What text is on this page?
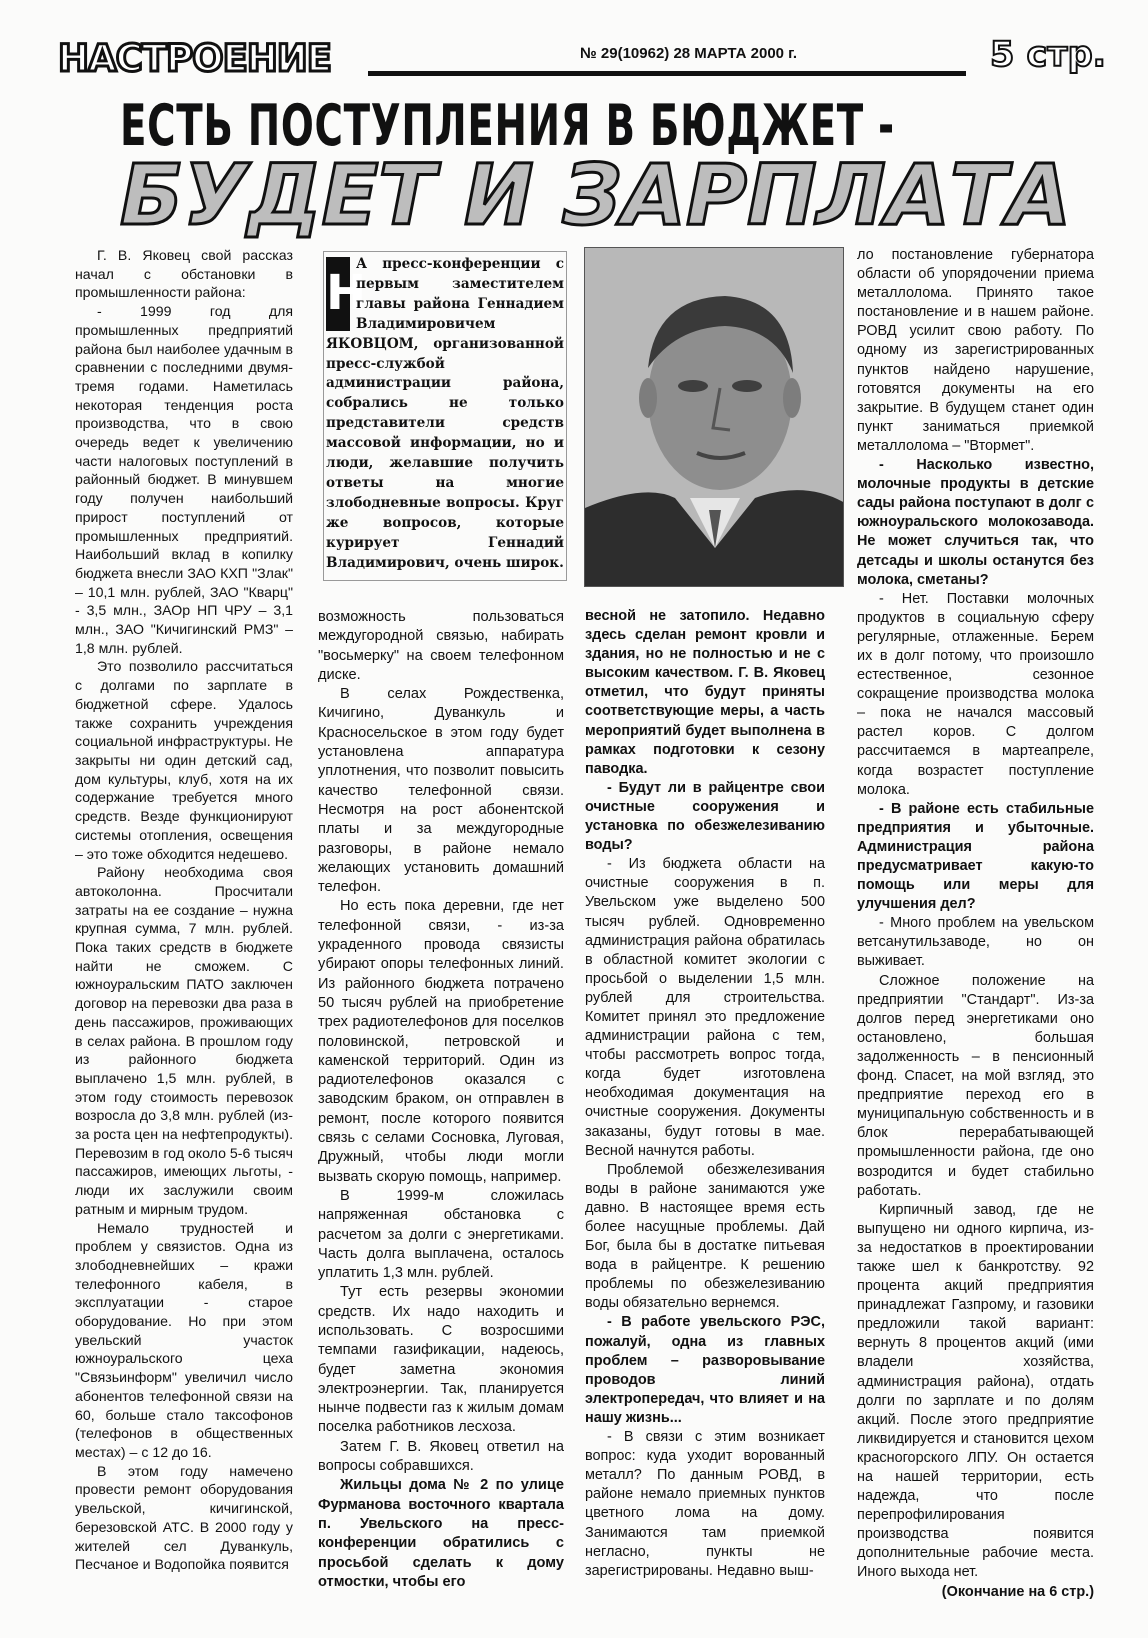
НАСТРОЕНИЕ	№ 29(10962) 28 МАРТА 2000 г.	5 стр.
ЕСТЬ ПОСТУПЛЕНИЯ В БЮДЖЕТ -
БУДЕТ И ЗАРПЛАТА
Н
А пресс-конференции с первым заместителем главы района Геннадием Владимировичем ЯКОВЦОМ, организованной пресс-службой администрации района, собрались не только представители средств массовой информации, но и люди, желавшие получить ответы на многие злободневные вопросы. Круг же вопросов, которые курирует Геннадий Владимирович, очень широк.

Г. В. Яковец свой рассказ начал с обстановки в промышленности района:

- 1999 год для промышленных предприятий района был наиболее удачным в сравнении с последними двумя-тремя годами. Наметилась некоторая тенденция роста производства, что в свою очередь ведет к увеличению части налоговых поступлений в районный бюджет. В минувшем году получен наибольший прирост поступлений от промышленных предприятий. Наибольший вклад в копилку бюджета внесли ЗАО КХП "Злак" – 10,1 млн. рублей, ЗАО "Кварц" - 3,5 млн., ЗАОр НП ЧРУ – 3,1 млн., ЗАО "Кичигинский РМЗ" – 1,8 млн. рублей.

Это позволило рассчитаться с долгами по зарплате в бюджетной сфере. Удалось также сохранить учреждения социальной инфраструктуры. Не закрыты ни один детский сад, дом культуры, клуб, хотя на их содержание требуется много средств. Везде функционируют системы отопления, освещения – это тоже обходится недешево.

Району необходима своя автоколонна. Просчитали затраты на ее создание – нужна крупная сумма, 7 млн. рублей. Пока таких средств в бюджете найти не сможем. С южноуральским ПАТО заключен договор на перевозки два раза в день пассажиров, проживающих в селах района. В прошлом году из районного бюджета выплачено 1,5 млн. рублей, в этом году стоимость перевозок возросла до 3,8 млн. рублей (из-за роста цен на нефтепродукты). Перевозим в год около 5-6 тысяч пассажиров, имеющих льготы, - люди их заслужили своим ратным и мирным трудом.

Немало трудностей и проблем у связистов. Одна из злободневнейших – кражи телефонного кабеля, в эксплуатации - старое оборудование. Но при этом увельский участок южноуральского цеха "Связьинформ" увеличил число абонентов телефонной связи на 60, больше стало таксофонов (телефонов в общественных местах) – с 12 до 16.

В этом году намечено провести ремонт оборудования увельской, кичигинской, березовской АТС. В 2000 году у жителей сел Дуванкуль, Песчаное и Водопойка появится

возможность пользоваться междугородной связью, набирать "восьмерку" на своем телефонном диске.

В селах Рождественка, Кичигино, Дуванкуль и Красносельское в этом году будет установлена аппаратура уплотнения, что позволит повысить качество телефонной связи. Несмотря на рост абонентской платы и за междугородные разговоры, в районе немало желающих установить домашний телефон.

Но есть пока деревни, где нет телефонной связи, - из-за украденного провода связисты убирают опоры телефонных линий. Из районного бюджета потрачено 50 тысяч рублей на приобретение трех радиотелефонов для поселков половинской, петровской и каменской территорий. Один из радиотелефонов оказался с заводским браком, он отправлен в ремонт, после которого появится связь с селами Сосновка, Луговая, Дружный, чтобы люди могли вызвать скорую помощь, например.

В 1999-м сложилась напряженная обстановка с расчетом за долги с энергетиками. Часть долга выплачена, осталось уплатить 1,3 млн. рублей.

Тут есть резервы экономии средств. Их надо находить и использовать. С возросшими темпами газификации, надеюсь, будет заметна экономия электроэнергии. Так, планируется нынче подвести газ к жилым домам поселка работников лесхоза.

Затем Г. В. Яковец ответил на вопросы собравшихся.

Жильцы дома № 2 по улице Фурманова восточного квартала п. Увельского на пресс-конференции обратились с просьбой сделать к дому отмостки, чтобы его

весной не затопило. Недавно здесь сделан ремонт кровли и здания, но не полностью и не с высоким качеством. Г. В. Яковец отметил, что будут приняты соответствующие меры, а часть мероприятий будет выполнена в рамках подготовки к сезону паводка.

- Будут ли в райцентре свои очистные сооружения и установка по обезжелезиванию воды?

- Из бюджета области на очистные сооружения в п. Увельском уже выделено 500 тысяч рублей. Одновременно администрация района обратилась в областной комитет экологии с просьбой о выделении 1,5 млн. рублей для строительства. Комитет принял это предложение администрации района с тем, чтобы рассмотреть вопрос тогда, когда будет изготовлена необходимая документация на очистные сооружения. Документы заказаны, будут готовы в мае. Весной начнутся работы.

Проблемой обезжелезивания воды в районе занимаются уже давно. В настоящее время есть более насущные проблемы. Дай Бог, была бы в достатке питьевая вода в райцентре. К решению проблемы по обезжелезиванию воды обязательно вернемся.

- В работе увельского РЭС, пожалуй, одна из главных проблем – разворовывание проводов линий электропередач, что влияет и на нашу жизнь...

- В связи с этим возникает вопрос: куда уходит ворованный металл? По данным РОВД, в районе немало приемных пунктов цветного лома на дому. Занимаются там приемкой негласно, пункты не зарегистрированы. Недавно выш-

ло постановление губернатора области об упорядочении приема металлолома. Принято такое постановление и в нашем районе. РОВД усилит свою работу. По одному из зарегистрированных пунктов найдено нарушение, готовятся документы на его закрытие. В будущем станет один пункт заниматься приемкой металлолома – "Втормет".

- Насколько известно, молочные продукты в детские сады района поступают в долг с южноуральского молокозавода. Не может случиться так, что детсады и школы останутся без молока, сметаны?

- Нет. Поставки молочных продуктов в социальную сферу регулярные, отлаженные. Берем их в долг потому, что произошло естественное, сезонное сокращение производства молока – пока не начался массовый растел коров. С долгом рассчитаемся в мартеапреле, когда возрастет поступление молока.

- В районе есть стабильные предприятия и убыточные. Администрация района предусматривает какую-то помощь или меры для улучшения дел?

- Много проблем на увельском ветсанутильзаводе, но он выживает.

Сложное положение на предприятии "Стандарт". Из-за долгов перед энергетиками оно остановлено, большая задолженность – в пенсионный фонд. Спасет, на мой взгляд, это предприятие переход его в муниципальную собственность и в блок перерабатывающей промышленности района, где оно возродится и будет стабильно работать.

Кирпичный завод, где не выпущено ни одного кирпича, из-за недостатков в проектировании также шел к банкротству. 92 процента акций предприятия принадлежат Газпрому, и газовики предложили такой вариант: вернуть 8 процентов акций (ими владели хозяйства, администрация района), отдать долги по зарплате и по долям акций. После этого предприятие ликвидируется и становится цехом красногорского ЛПУ. Он остается на нашей территории, есть надежда, что после перепрофилирования производства появится дополнительные рабочие места. Иного выхода нет.

(Окончание на 6 стр.)
